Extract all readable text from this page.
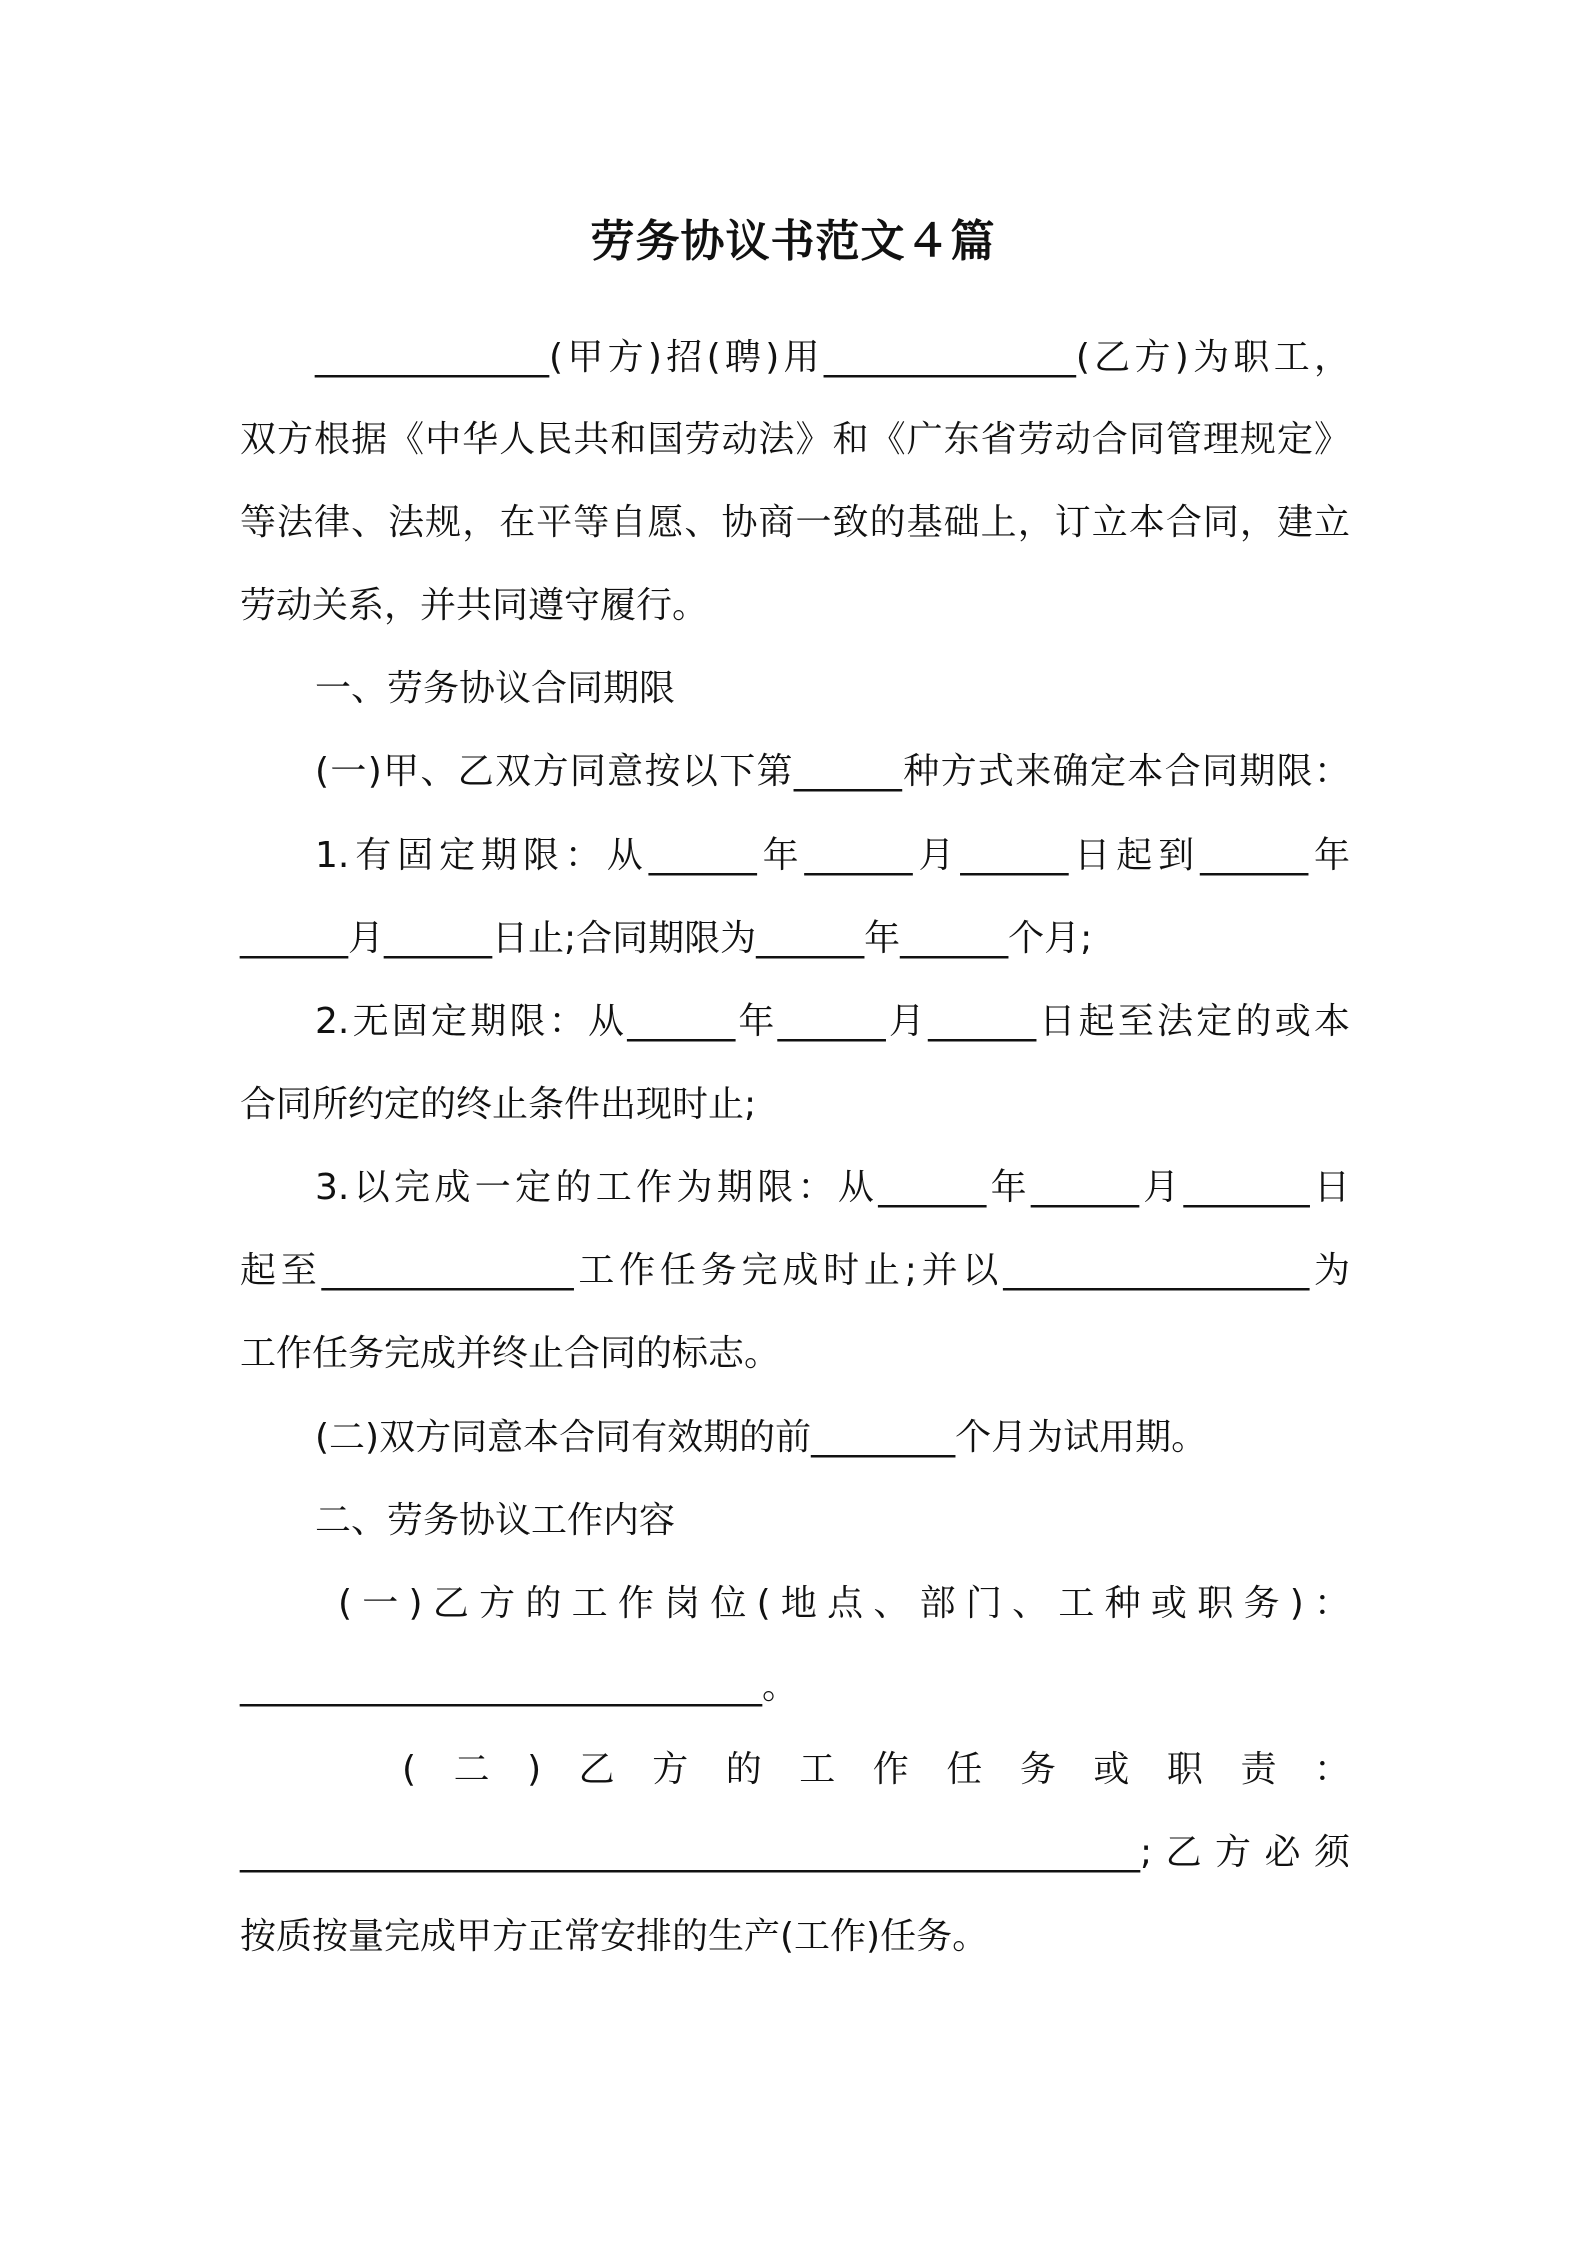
劳务协议书范文４篇
_____________(甲方)招(聘)用______________(乙方)为职工，
双方根据《中华人民共和国劳动法》和《广东省劳动合同管理规定》
等法律、法规，在平等自愿、协商一致的基础上，订立本合同，建立
劳动关系，并共同遵守履行。
一、劳务协议合同期限
(一)甲、乙双方同意按以下第______种方式来确定本合同期限：
1.有固定期限：从______年______月______日起到______年
______月______日止;合同期限为______年______个月;
2.无固定期限：从______年______月______日起至法定的或本
合同所约定的终止条件出现时止;
3.以完成一定的工作为期限：从______年______月_______日
起至______________工作任务完成时止;并以_________________为
工作任务完成并终止合同的标志。
(二)双方同意本合同有效期的前________个月为试用期。
二、劳务协议工作内容
(一)乙方的工作岗位(地点、部门、工种或职务)：
_____________________________。
(二)乙方的工作任务或职责：
__________________________________________________;乙方必须
按质按量完成甲方正常安排的生产(工作)任务。
